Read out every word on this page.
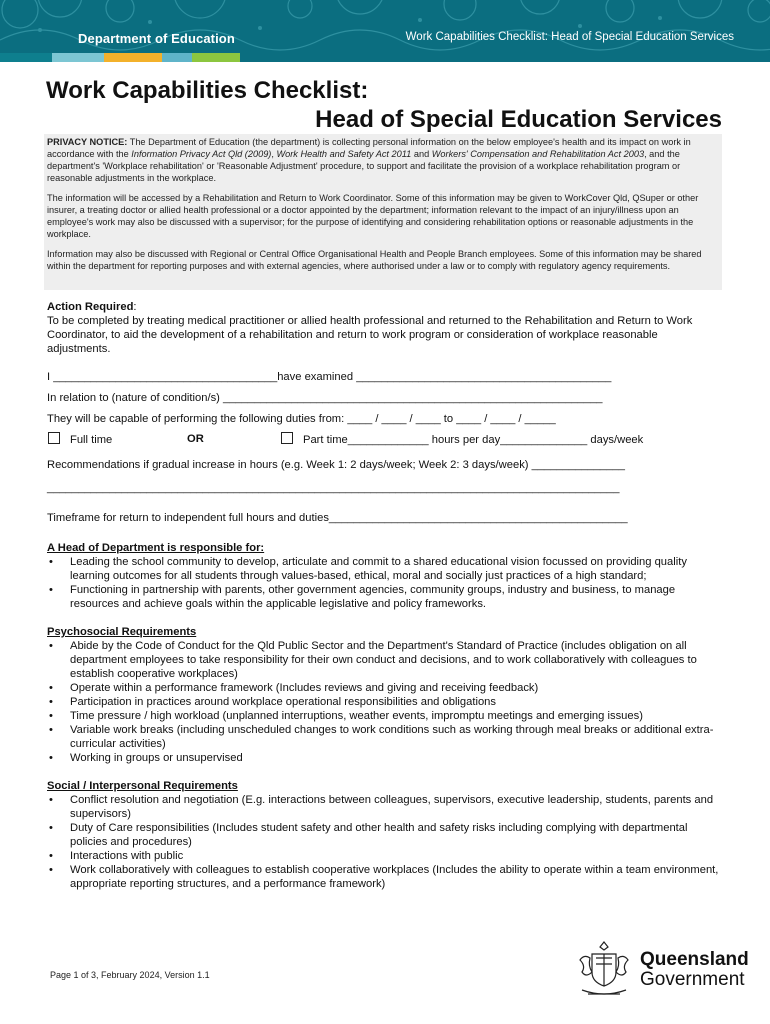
Department of Education	Work Capabilities Checklist: Head of Special Education Services
Work Capabilities Checklist:
Head of Special Education Services

PRIVACY NOTICE: The Department of Education (the department) is collecting personal information on the below employee's health and its impact on work in accordance with the Information Privacy Act Qld (2009), Work Health and Safety Act 2011 and Workers' Compensation and Rehabilitation Act 2003, and the department's 'Workplace rehabilitation' or 'Reasonable Adjustment' procedure, to support and facilitate the provision of a workplace rehabilitation program or reasonable adjustments in the workplace.

The information will be accessed by a Rehabilitation and Return to Work Coordinator. Some of this information may be given to WorkCover Qld, QSuper or other insurer, a treating doctor or allied health professional or a doctor appointed by the department; information relevant to the impact of an injury/illness upon an employee's work may also be discussed with a supervisor; for the purpose of identifying and considering rehabilitation options or reasonable adjustments in the workplace.

Information may also be discussed with Regional or Central Office Organisational Health and People Branch employees. Some of this information may be shared within the department for reporting purposes and with external agencies, where authorised under a law or to comply with regulatory agency requirements.

Action Required:

To be completed by treating medical practitioner or allied health professional and returned to the Rehabilitation and Return to Work Coordinator, to aid the development of a rehabilitation and return to work program or consideration of workplace reasonable adjustments.

I ____________________________________have examined _________________________________________
In relation to (nature of condition/s) _____________________________________________________________
They will be capable of performing the following duties from: ____ / ____ / ____ to ____ / ____ / _____
Full time	OR	Part time_____________ hours per day______________ days/week
Recommendations if gradual increase in hours (e.g. Week 1: 2 days/week; Week 2: 3 days/week) _______________
____________________________________________________________________________________________
Timeframe for return to independent full hours and duties________________________________________________

A Head of Department is responsible for:

• Leading the school community to develop, articulate and commit to a shared educational vision focussed on providing quality learning outcomes for all students through values-based, ethical, moral and socially just practices of a high standard;
• Functioning in partnership with parents, other government agencies, community groups, industry and business, to manage resources and achieve goals within the applicable legislative and policy frameworks.

Psychosocial Requirements

• Abide by the Code of Conduct for the Qld Public Sector and the Department's Standard of Practice (includes obligation on all department employees to take responsibility for their own conduct and decisions, and to work collaboratively with colleagues to establish cooperative workplaces)
• Operate within a performance framework (Includes reviews and giving and receiving feedback)
• Participation in practices around workplace operational responsibilities and obligations
• Time pressure / high workload (unplanned interruptions, weather events, impromptu meetings and emerging issues)
• Variable work breaks (including unscheduled changes to work conditions such as working through meal breaks or additional extra-curricular activities)
• Working in groups or unsupervised

Social / Interpersonal Requirements

• Conflict resolution and negotiation (E.g. interactions between colleagues, supervisors, executive leadership, students, parents and supervisors)
• Duty of Care responsibilities (Includes student safety and other health and safety risks including complying with departmental policies and procedures)
• Interactions with public
• Work collaboratively with colleagues to establish cooperative workplaces (Includes the ability to operate within a team environment, appropriate reporting structures, and a performance framework)
Page 1 of 3, February 2024, Version 1.1
Queensland
Government
